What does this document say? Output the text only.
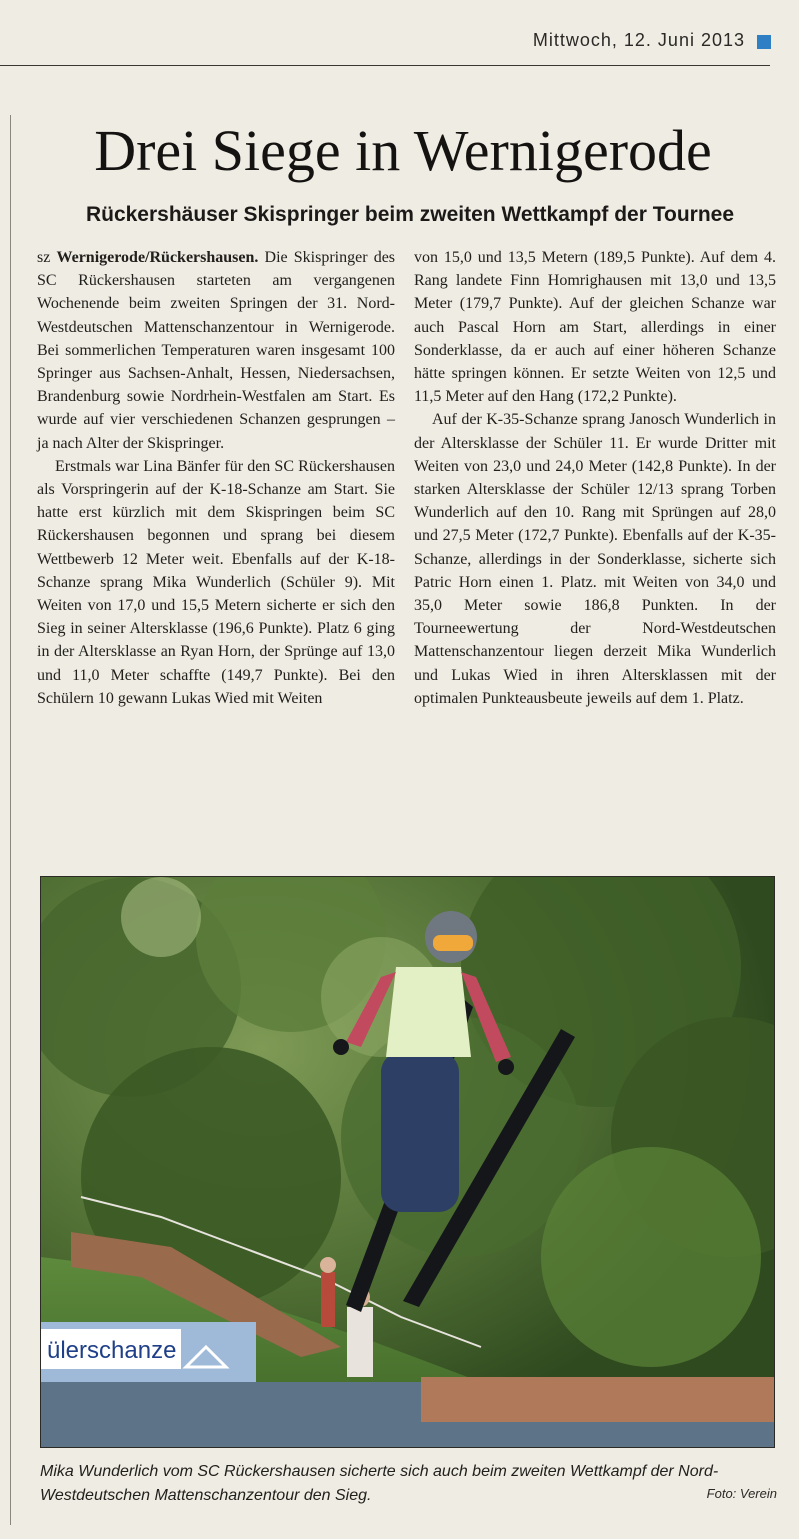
Mittwoch, 12. Juni 2013
Drei Siege in Wernigerode
Rückershäuser Skispringer beim zweiten Wettkampf der Tournee

sz Wernigerode/Rückershausen. Die Skispringer des SC Rückershausen starteten am vergangenen Wochenende beim zweiten Springen der 31. Nord-Westdeutschen Mattenschanzentour in Wernigerode. Bei sommerlichen Temperaturen waren insgesamt 100 Springer aus Sachsen-Anhalt, Hessen, Niedersachsen, Brandenburg sowie Nordrhein-Westfalen am Start. Es wurde auf vier verschiedenen Schanzen gesprungen – ja nach Alter der Skispringer.

Erstmals war Lina Bänfer für den SC Rückershausen als Vorspringerin auf der K-18-Schanze am Start. Sie hatte erst kürzlich mit dem Skispringen beim SC Rückershausen begonnen und sprang bei diesem Wettbewerb 12 Meter weit. Ebenfalls auf der K-18-Schanze sprang Mika Wunderlich (Schüler 9). Mit Weiten von 17,0 und 15,5 Metern sicherte er sich den Sieg in seiner Altersklasse (196,6 Punkte). Platz 6 ging in der Altersklasse an Ryan Horn, der Sprünge auf 13,0 und 11,0 Meter schaffte (149,7 Punkte). Bei den Schülern 10 gewann Lukas Wied mit Weiten

von 15,0 und 13,5 Metern (189,5 Punkte). Auf dem 4. Rang landete Finn Homrighausen mit 13,0 und 13,5 Meter (179,7 Punkte). Auf der gleichen Schanze war auch Pascal Horn am Start, allerdings in einer Sonderklasse, da er auch auf einer höheren Schanze hätte springen können. Er setzte Weiten von 12,5 und 11,5 Meter auf den Hang (172,2 Punkte).

Auf der K-35-Schanze sprang Janosch Wunderlich in der Altersklasse der Schüler 11. Er wurde Dritter mit Weiten von 23,0 und 24,0 Meter (142,8 Punkte). In der starken Altersklasse der Schüler 12/13 sprang Torben Wunderlich auf den 10. Rang mit Sprüngen auf 28,0 und 27,5 Meter (172,7 Punkte). Ebenfalls auf der K-35-Schanze, allerdings in der Sonderklasse, sicherte sich Patric Horn einen 1. Platz. mit Weiten von 34,0 und 35,0 Meter sowie 186,8 Punkten. In der Tourneewertung der Nord-Westdeutschen Mattenschanzentour liegen derzeit Mika Wunderlich und Lukas Wied in ihren Altersklassen mit der optimalen Punkteausbeute jeweils auf dem 1. Platz.

ülerschanze
Mika Wunderlich vom SC Rückershausen sicherte sich auch beim zweiten Wettkampf der Nord-Westdeutschen Mattenschanzentour den Sieg.	Foto: Verein
